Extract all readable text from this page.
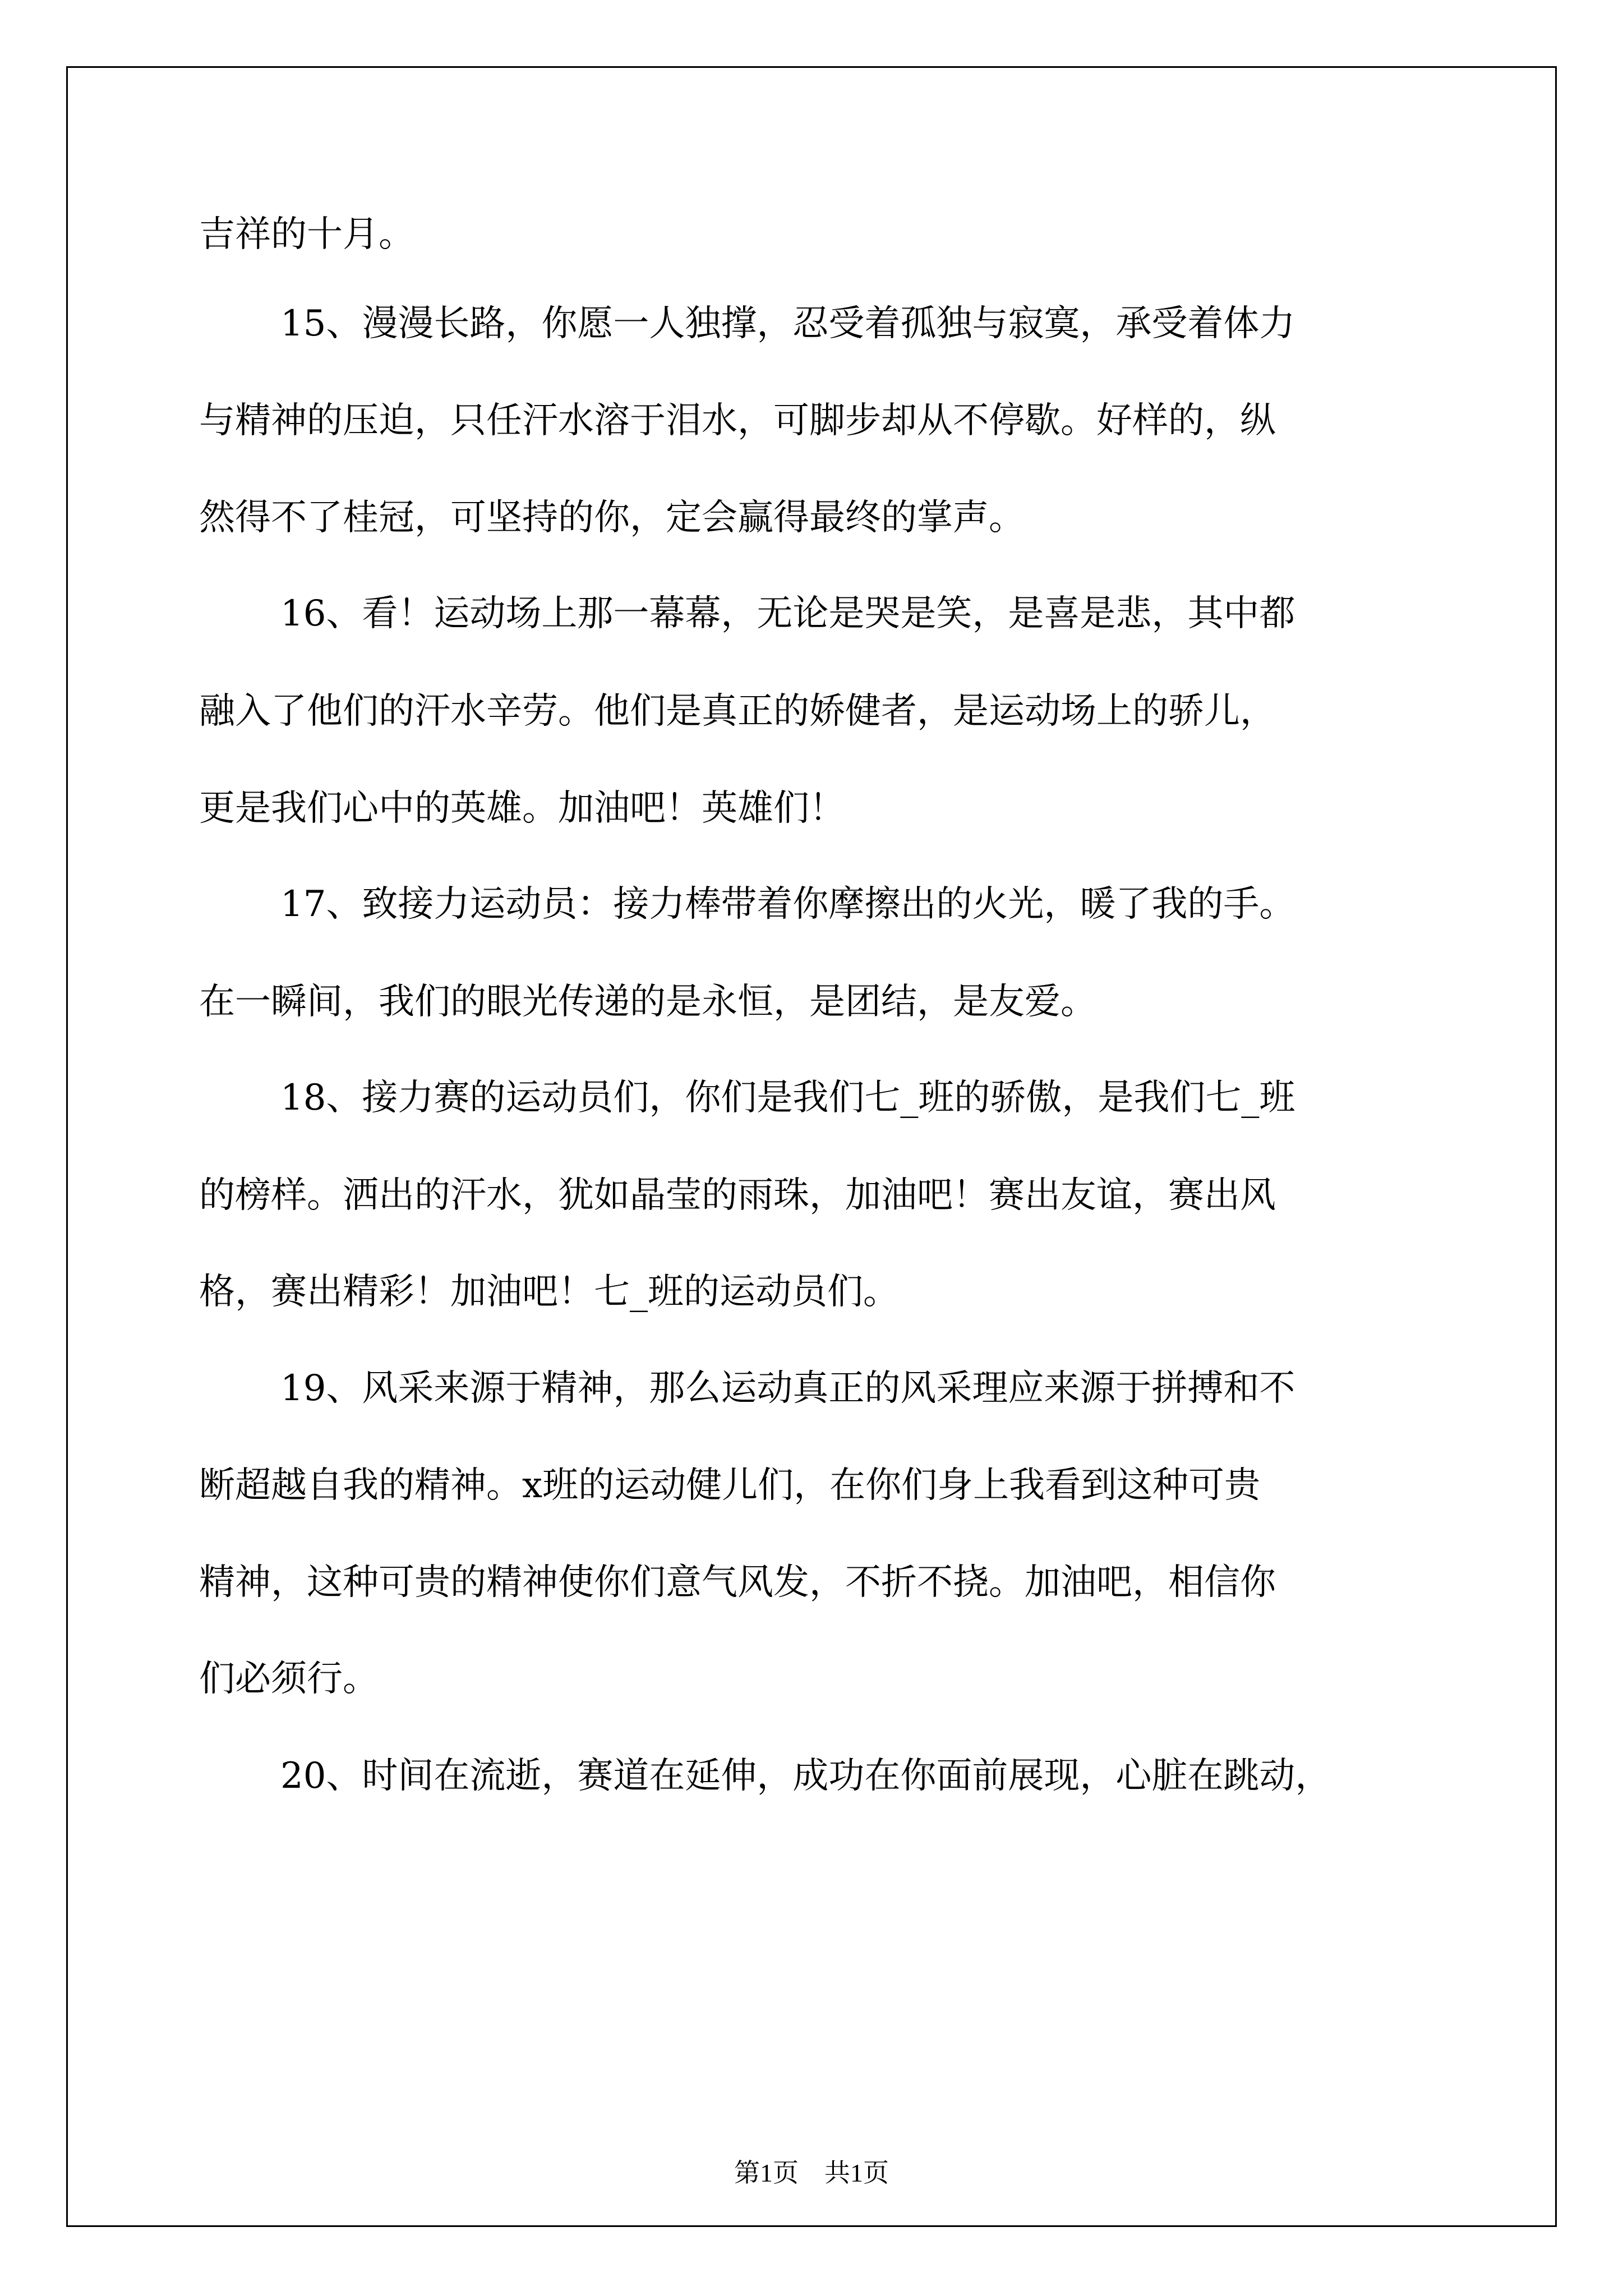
吉祥的十月。

15、漫漫长路，你愿一人独撑，忍受着孤独与寂寞，承受着体力

与精神的压迫，只任汗水溶于泪水，可脚步却从不停歇。好样的，纵

然得不了桂冠，可坚持的你，定会赢得最终的掌声。

16、看！运动场上那一幕幕，无论是哭是笑，是喜是悲，其中都

融入了他们的汗水辛劳。他们是真正的娇健者，是运动场上的骄儿，

更是我们心中的英雄。加油吧！英雄们！

17、致接力运动员：接力棒带着你摩擦出的火光，暖了我的手。

在一瞬间，我们的眼光传递的是永恒，是团结，是友爱。

18、接力赛的运动员们，你们是我们七_班的骄傲，是我们七_班

的榜样。洒出的汗水，犹如晶莹的雨珠，加油吧！赛出友谊，赛出风

格，赛出精彩！加油吧！七_班的运动员们。

19、风采来源于精神，那么运动真正的风采理应来源于拼搏和不

断超越自我的精神。x班的运动健儿们，在你们身上我看到这种可贵

精神，这种可贵的精神使你们意气风发，不折不挠。加油吧，相信你

们必须行。

20、时间在流逝，赛道在延伸，成功在你面前展现，心脏在跳动，

第1页　共1页
